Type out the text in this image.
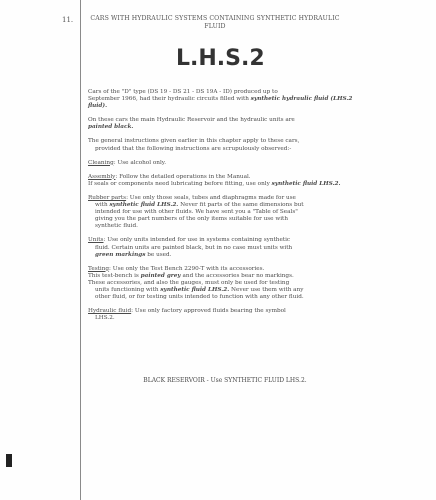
11.	CARS WITH HYDRAULIC SYSTEMS CONTAINING SYNTHETIC HYDRAULIC FLUID
L.H.S.2

Cars of the "D" type (DS 19 - DS 21 - DS 19A - ID) produced up to
September 1966, had their hydraulic circuits filled with synthetic hydraulic fluid (LHS.2 fluid).

On these cars the main Hydraulic Reservoir and the hydraulic units are
painted black.

The general instructions given earlier in this chapter apply to these cars,

provided that the following instructions are scrupulously observed:-

Cleaning: Use alcohol only.

Assembly: Follow the detailed operations in the Manual.
If seals or components need lubricating before fitting, use only synthetic fluid LHS.2.

Rubber parts: Use only those seals, tubes and diaphragms made for use

with synthetic fluid LHS.2. Never fit parts of the same dimensions but
intended for use with other fluids. We have sent you a "Table of Seals"
giving you the part numbers of the only items suitable for use with
synthetic fluid.

Units: Use only units intended for use in systems containing synthetic

fluid. Certain units are painted black, but in no case must units with
green markings be used.

Testing: Use only the Test Bench 2290-T with its accessories.
This test-bench is painted grey and the accessories bear no markings.
These accessories, and also the gauges, must only be used for testing

units functioning with synthetic fluid LHS.2. Never use them with any
other fluid, or for testing units intended to function with any other fluid.

Hydraulic fluid: Use only factory approved fluids bearing the symbol

LHS.2.

BLACK RESERVOIR - Use SYNTHETIC FLUID LHS.2.
